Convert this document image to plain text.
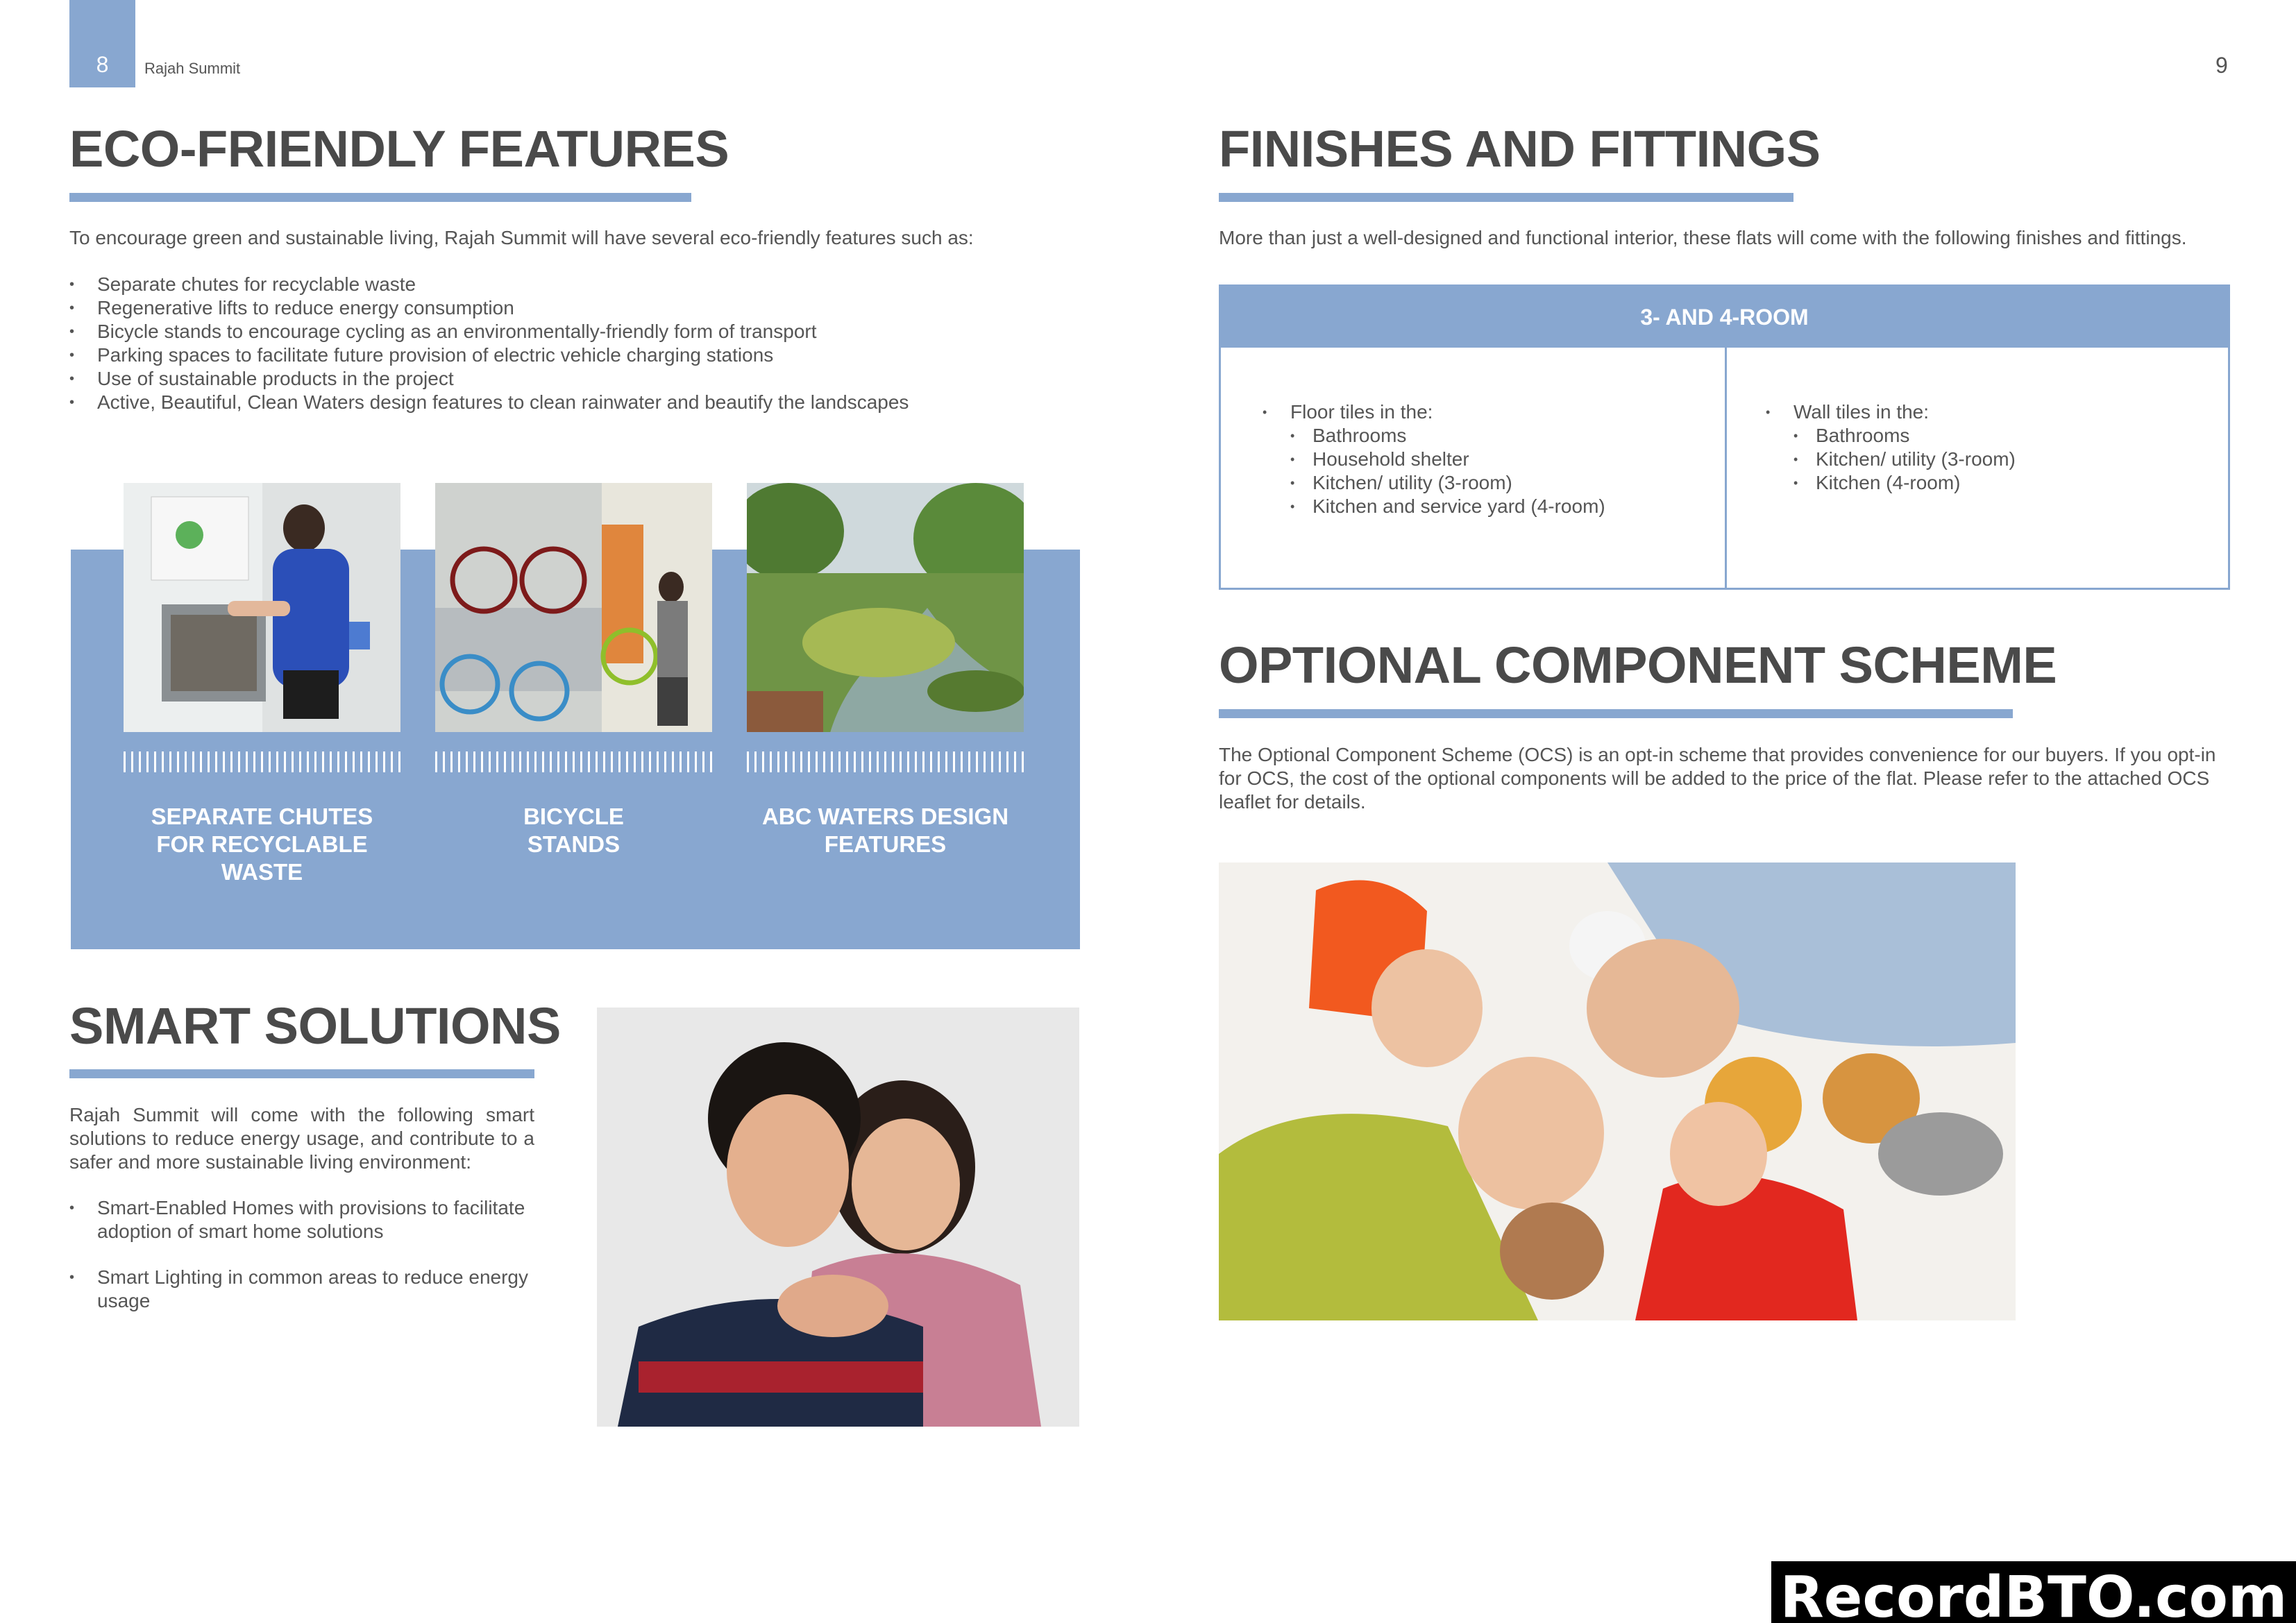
8 Rajah Summit	9
ECO-FRIENDLY FEATURES
To encourage green and sustainable living, Rajah Summit will have several eco-friendly features such as:
• Separate chutes for recyclable waste
• Regenerative lifts to reduce energy consumption
• Bicycle stands to encourage cycling as an environmentally-friendly form of transport
• Parking spaces to facilitate future provision of electric vehicle charging stations
• Use of sustainable products in the project
• Active, Beautiful, Clean Waters design features to clean rainwater and beautify the landscapes
SEPARATE CHUTES FOR RECYCLABLE WASTE
BICYCLE STANDS
ABC WATERS DESIGN FEATURES
SMART SOLUTIONS
Rajah Summit will come with the following smart solutions to reduce energy usage, and contribute to a safer and more sustainable living environment:
• Smart-Enabled Homes with provisions to facilitate adoption of smart home solutions
• Smart Lighting in common areas to reduce energy usage
FINISHES AND FITTINGS
More than just a well-designed and functional interior, these flats will come with the following finishes and fittings.
3- AND 4-ROOM
• Floor tiles in the:
• Bathrooms
• Household shelter
• Kitchen/ utility (3-room)
• Kitchen and service yard (4-room)
• Wall tiles in the:
• Bathrooms
• Kitchen/ utility (3-room)
• Kitchen (4-room)
OPTIONAL COMPONENT SCHEME
The Optional Component Scheme (OCS) is an opt-in scheme that provides convenience for our buyers. If you opt-in for OCS, the cost of the optional components will be added to the price of the flat. Please refer to the attached OCS leaflet for details.
RecordBTO.com
